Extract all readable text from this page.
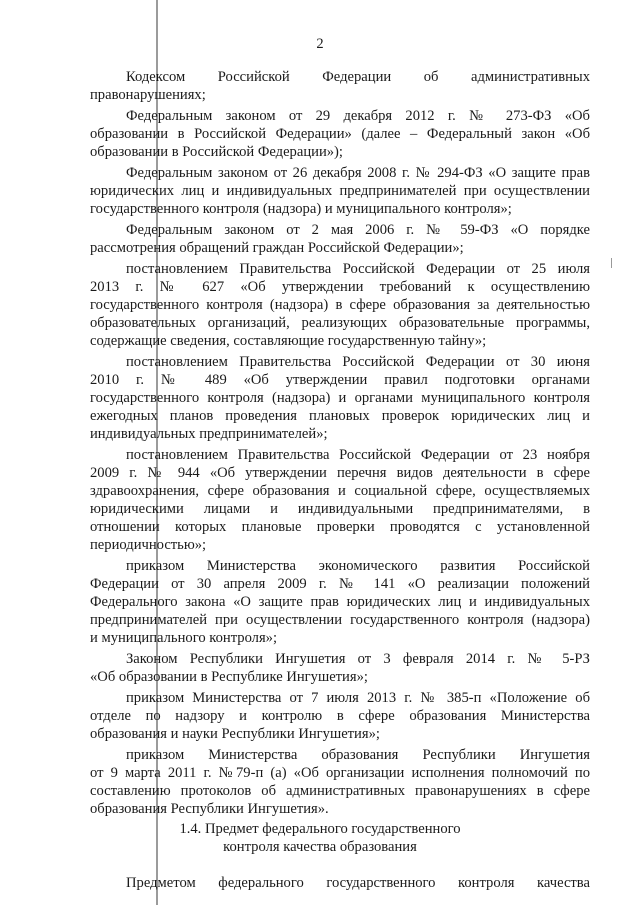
2
Кодексом Российской Федерации об административных
правонарушениях;
Федеральным законом от 29 декабря 2012 г. № 273-ФЗ «Об
образовании в Российской Федерации» (далее – Федеральный закон «Об
образовании в Российской Федерации»);
Федеральным законом от 26 декабря 2008 г. № 294-ФЗ «О защите прав
юридических лиц и индивидуальных предпринимателей при осуществлении
государственного контроля (надзора) и муниципального контроля»;
Федеральным законом от 2 мая 2006 г. № 59-ФЗ «О порядке
рассмотрения обращений граждан Российской Федерации»;
постановлением Правительства Российской Федерации от 25 июля
2013 г. № 627 «Об утверждении требований к осуществлению
государственного контроля (надзора) в сфере образования за деятельностью
образовательных организаций, реализующих образовательные программы,
содержащие сведения, составляющие государственную тайну»;
постановлением Правительства Российской Федерации от 30 июня
2010 г. № 489 «Об утверждении правил подготовки органами
государственного контроля (надзора) и органами муниципального контроля
ежегодных планов проведения плановых проверок юридических лиц и
индивидуальных предпринимателей»;
постановлением Правительства Российской Федерации от 23 ноября
2009 г. № 944 «Об утверждении перечня видов деятельности в сфере
здравоохранения, сфере образования и социальной сфере, осуществляемых
юридическими лицами и индивидуальными предпринимателями, в
отношении которых плановые проверки проводятся с установленной
периодичностью»;
приказом Министерства экономического развития Российской
Федерации от 30 апреля 2009 г. № 141 «О реализации положений
Федерального закона «О защите прав юридических лиц и индивидуальных
предпринимателей при осуществлении государственного контроля (надзора)
и муниципального контроля»;
Законом Республики Ингушетия от 3 февраля 2014 г. № 5-РЗ
«Об образовании в Республике Ингушетия»;
приказом Министерства от 7 июля 2013 г. № 385-п «Положение об
отделе по надзору и контролю в сфере образования Министерства
образования и науки Республики Ингушетия»;
приказом Министерства образования Республики Ингушетия
от 9 марта 2011 г. №79-п (а) «Об организации исполнения полномочий по
составлению протоколов об административных правонарушениях в сфере
образования Республики Ингушетия».
1.4. Предмет федерального государственного
контроля качества образования
Предметом федерального государственного контроля качества
